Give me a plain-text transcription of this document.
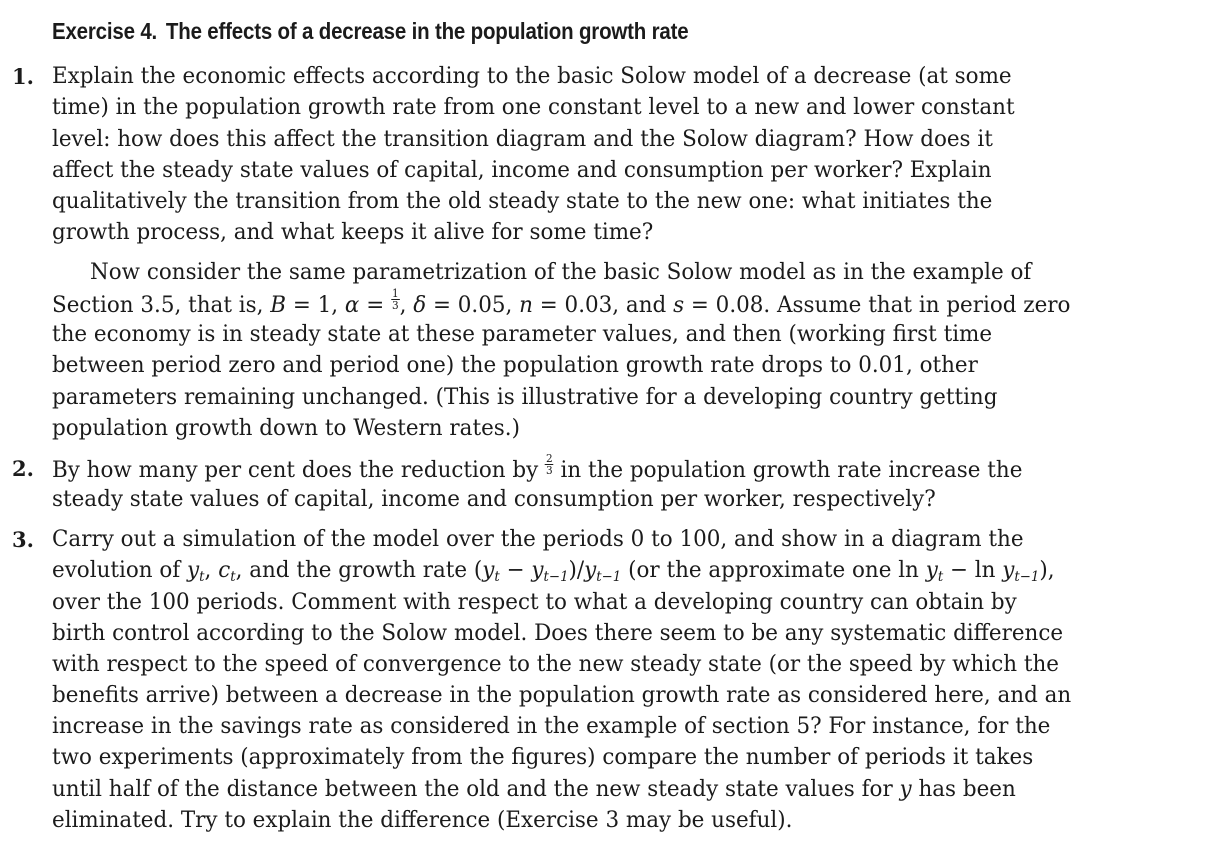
Exercise 4. The effects of a decrease in the population growth rate
1. Explain the economic effects according to the basic Solow model of a decrease (at some
time) in the population growth rate from one constant level to a new and lower constant
level: how does this affect the transition diagram and the Solow diagram? How does it
affect the steady state values of capital, income and consumption per worker? Explain
qualitatively the transition from the old steady state to the new one: what initiates the
growth process, and what keeps it alive for some time?
Now consider the same parametrization of the basic Solow model as in the example of
Section 3.5, that is, B = 1, $\alpha = \frac{1}{3}$ , δ = 0.05, n = 0.03, and s = 0.08. Assume that in period zero
the economy is in steady state at these parameter values, and then (working first time
between period zero and period one) the population growth rate drops to 0.01, other
parameters remaining unchanged. (This is illustrative for a developing country getting
population growth down to Western rates.)
2. By how many per cent does the reduction by $\frac{2}{3}$ in the population growth rate increase the
steady state values of capital, income and consumption per worker, respectively?
3. Carry out a simulation of the model over the periods 0 to 100, and show in a diagram the
evolution of $y_t$, $c_t$, and the growth rate $(y_t - y_{t-1})/y_{t-1}$ (or the approximate one $\ln y_t - \ln y_{t-1}$),
over the 100 periods. Comment with respect to what a developing country can obtain by
birth control according to the Solow model. Does there seem to be any systematic difference
with respect to the speed of convergence to the new steady state (or the speed by which the
benefits arrive) between a decrease in the population growth rate as considered here, and an
increase in the savings rate as considered in the example of section 5? For instance, for the
two experiments (approximately from the figures) compare the number of periods it takes
until half of the distance between the old and the new steady state values for y has been
eliminated. Try to explain the difference (Exercise 3 may be useful).
